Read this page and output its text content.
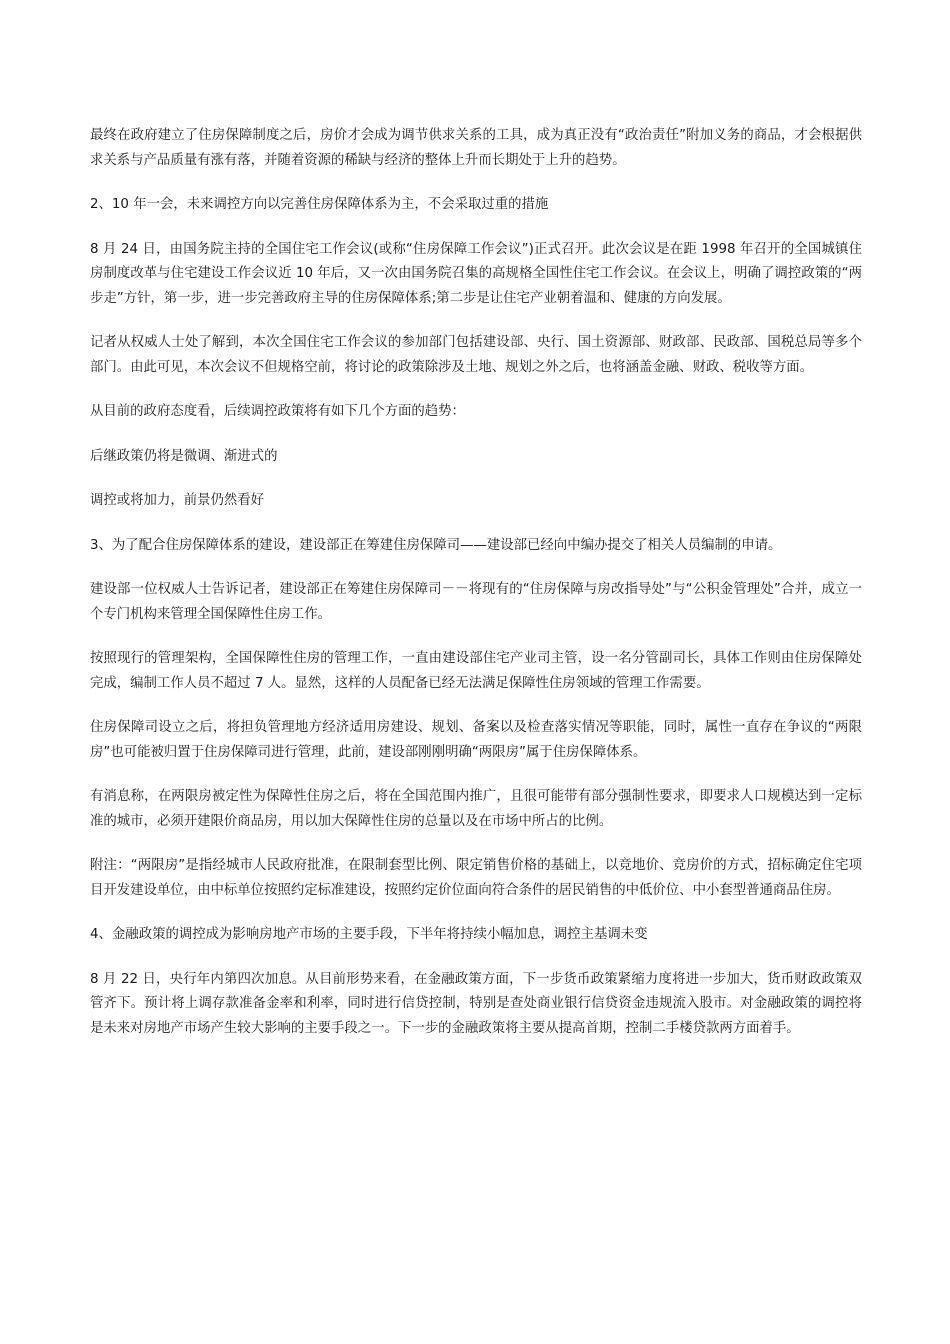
最终在政府建立了住房保障制度之后，房价才会成为调节供求关系的工具，成为真正没有“政治责任”附加义务的商品，才会根据供求关系与产品质量有涨有落，并随着资源的稀缺与经济的整体上升而长期处于上升的趋势。

2、10 年一会，未来调控方向以完善住房保障体系为主，不会采取过重的措施

8 月 24 日，由国务院主持的全国住宅工作会议(或称“住房保障工作会议”)正式召开。此次会议是在距 1998 年召开的全国城镇住房制度改革与住宅建设工作会议近 10 年后，又一次由国务院召集的高规格全国性住宅工作会议。在会议上，明确了调控政策的“两步走”方针，第一步，进一步完善政府主导的住房保障体系;第二步是让住宅产业朝着温和、健康的方向发展。

记者从权威人士处了解到，本次全国住宅工作会议的参加部门包括建设部、央行、国土资源部、财政部、民政部、国税总局等多个部门。由此可见，本次会议不但规格空前，将讨论的政策除涉及土地、规划之外之后，也将涵盖金融、财政、税收等方面。

从目前的政府态度看，后续调控政策将有如下几个方面的趋势：

后继政策仍将是微调、渐进式的

调控或将加力，前景仍然看好

3、为了配合住房保障体系的建设，建设部正在筹建住房保障司——建设部已经向中编办提交了相关人员编制的申请。

建设部一位权威人士告诉记者，建设部正在筹建住房保障司－－将现有的“住房保障与房改指导处”与“公积金管理处”合并，成立一个专门机构来管理全国保障性住房工作。

按照现行的管理架构，全国保障性住房的管理工作，一直由建设部住宅产业司主管，设一名分管副司长，具体工作则由住房保障处完成，编制工作人员不超过 7 人。显然，这样的人员配备已经无法满足保障性住房领域的管理工作需要。

住房保障司设立之后，将担负管理地方经济适用房建设、规划、备案以及检查落实情况等职能，同时，属性一直存在争议的“两限房”也可能被归置于住房保障司进行管理，此前，建设部刚刚明确“两限房”属于住房保障体系。

有消息称，在两限房被定性为保障性住房之后，将在全国范围内推广，且很可能带有部分强制性要求，即要求人口规模达到一定标准的城市，必须开建限价商品房，用以加大保障性住房的总量以及在市场中所占的比例。

附注：“两限房”是指经城市人民政府批准，在限制套型比例、限定销售价格的基础上，以竞地价、竞房价的方式，招标确定住宅项目开发建设单位，由中标单位按照约定标准建设，按照约定价位面向符合条件的居民销售的中低价位、中小套型普通商品住房。

4、金融政策的调控成为影响房地产市场的主要手段，下半年将持续小幅加息，调控主基调未变

8 月 22 日，央行年内第四次加息。从目前形势来看，在金融政策方面，下一步货币政策紧缩力度将进一步加大，货币财政政策双管齐下。预计将上调存款准备金率和利率，同时进行信贷控制，特别是查处商业银行信贷资金违规流入股市。对金融政策的调控将是未来对房地产市场产生较大影响的主要手段之一。下一步的金融政策将主要从提高首期，控制二手楼贷款两方面着手。
